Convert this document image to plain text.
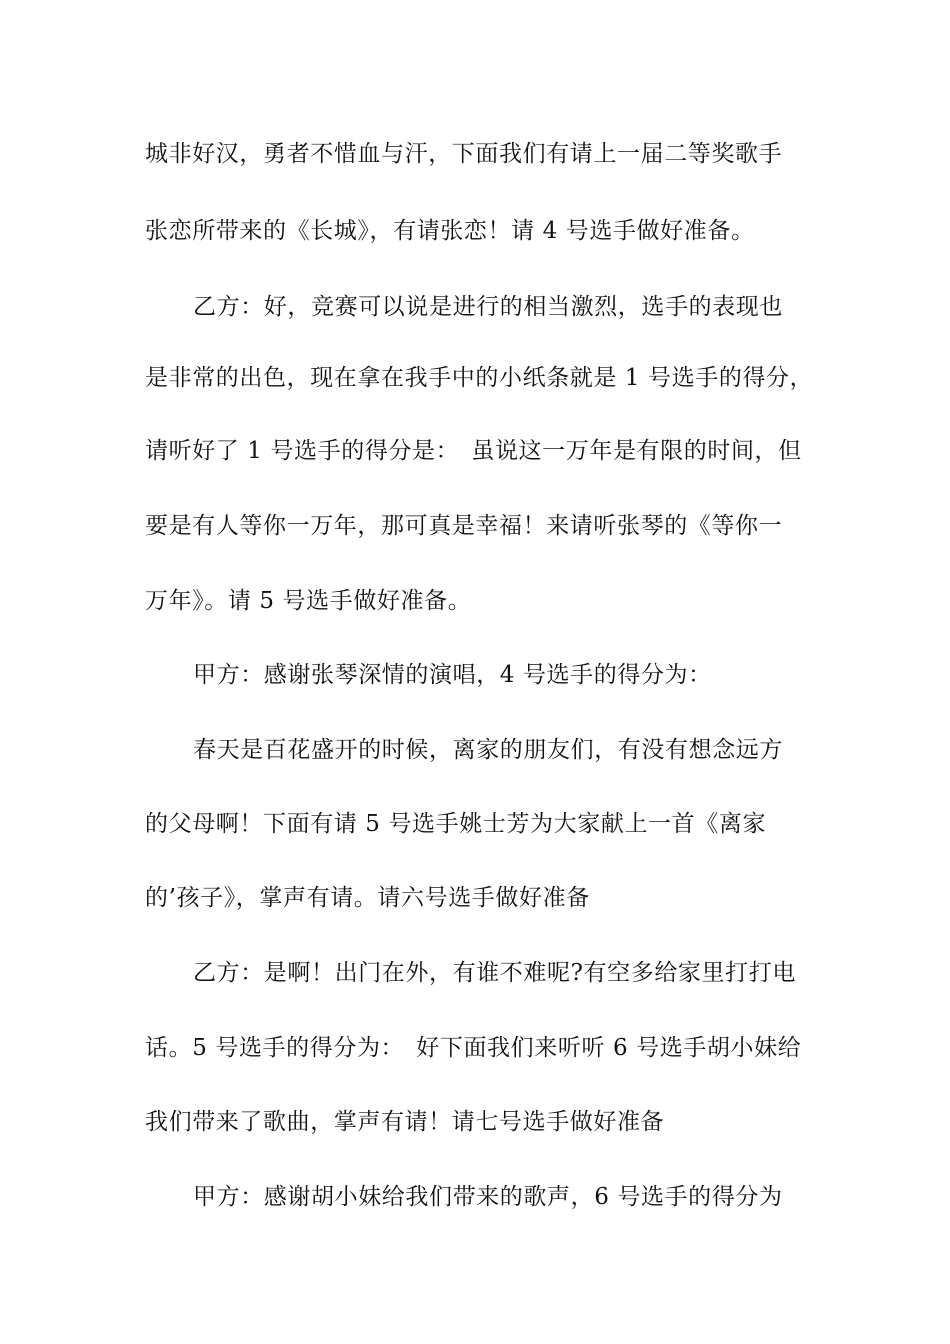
城非好汉，勇者不惜血与汗，下面我们有请上一届二等奖歌手
张恋所带来的《长城》，有请张恋！请 4 号选手做好准备。
乙方：好，竞赛可以说是进行的相当激烈，选手的表现也
是非常的出色，现在拿在我手中的小纸条就是 1 号选手的得分，
请听好了 1 号选手的得分是：　虽说这一万年是有限的时间，但
要是有人等你一万年，那可真是幸福！来请听张琴的《等你一
万年》。请 5 号选手做好准备。
甲方：感谢张琴深情的演唱，4 号选手的得分为：
春天是百花盛开的时候，离家的朋友们，有没有想念远方
的父母啊！下面有请 5 号选手姚士芳为大家献上一首《离家
的’孩子》，掌声有请。请六号选手做好准备
乙方：是啊！出门在外，有谁不难呢?有空多给家里打打电
话。5 号选手的得分为：　好下面我们来听听 6 号选手胡小妹给
我们带来了歌曲，掌声有请！请七号选手做好准备
甲方：感谢胡小妹给我们带来的歌声，6 号选手的得分为
